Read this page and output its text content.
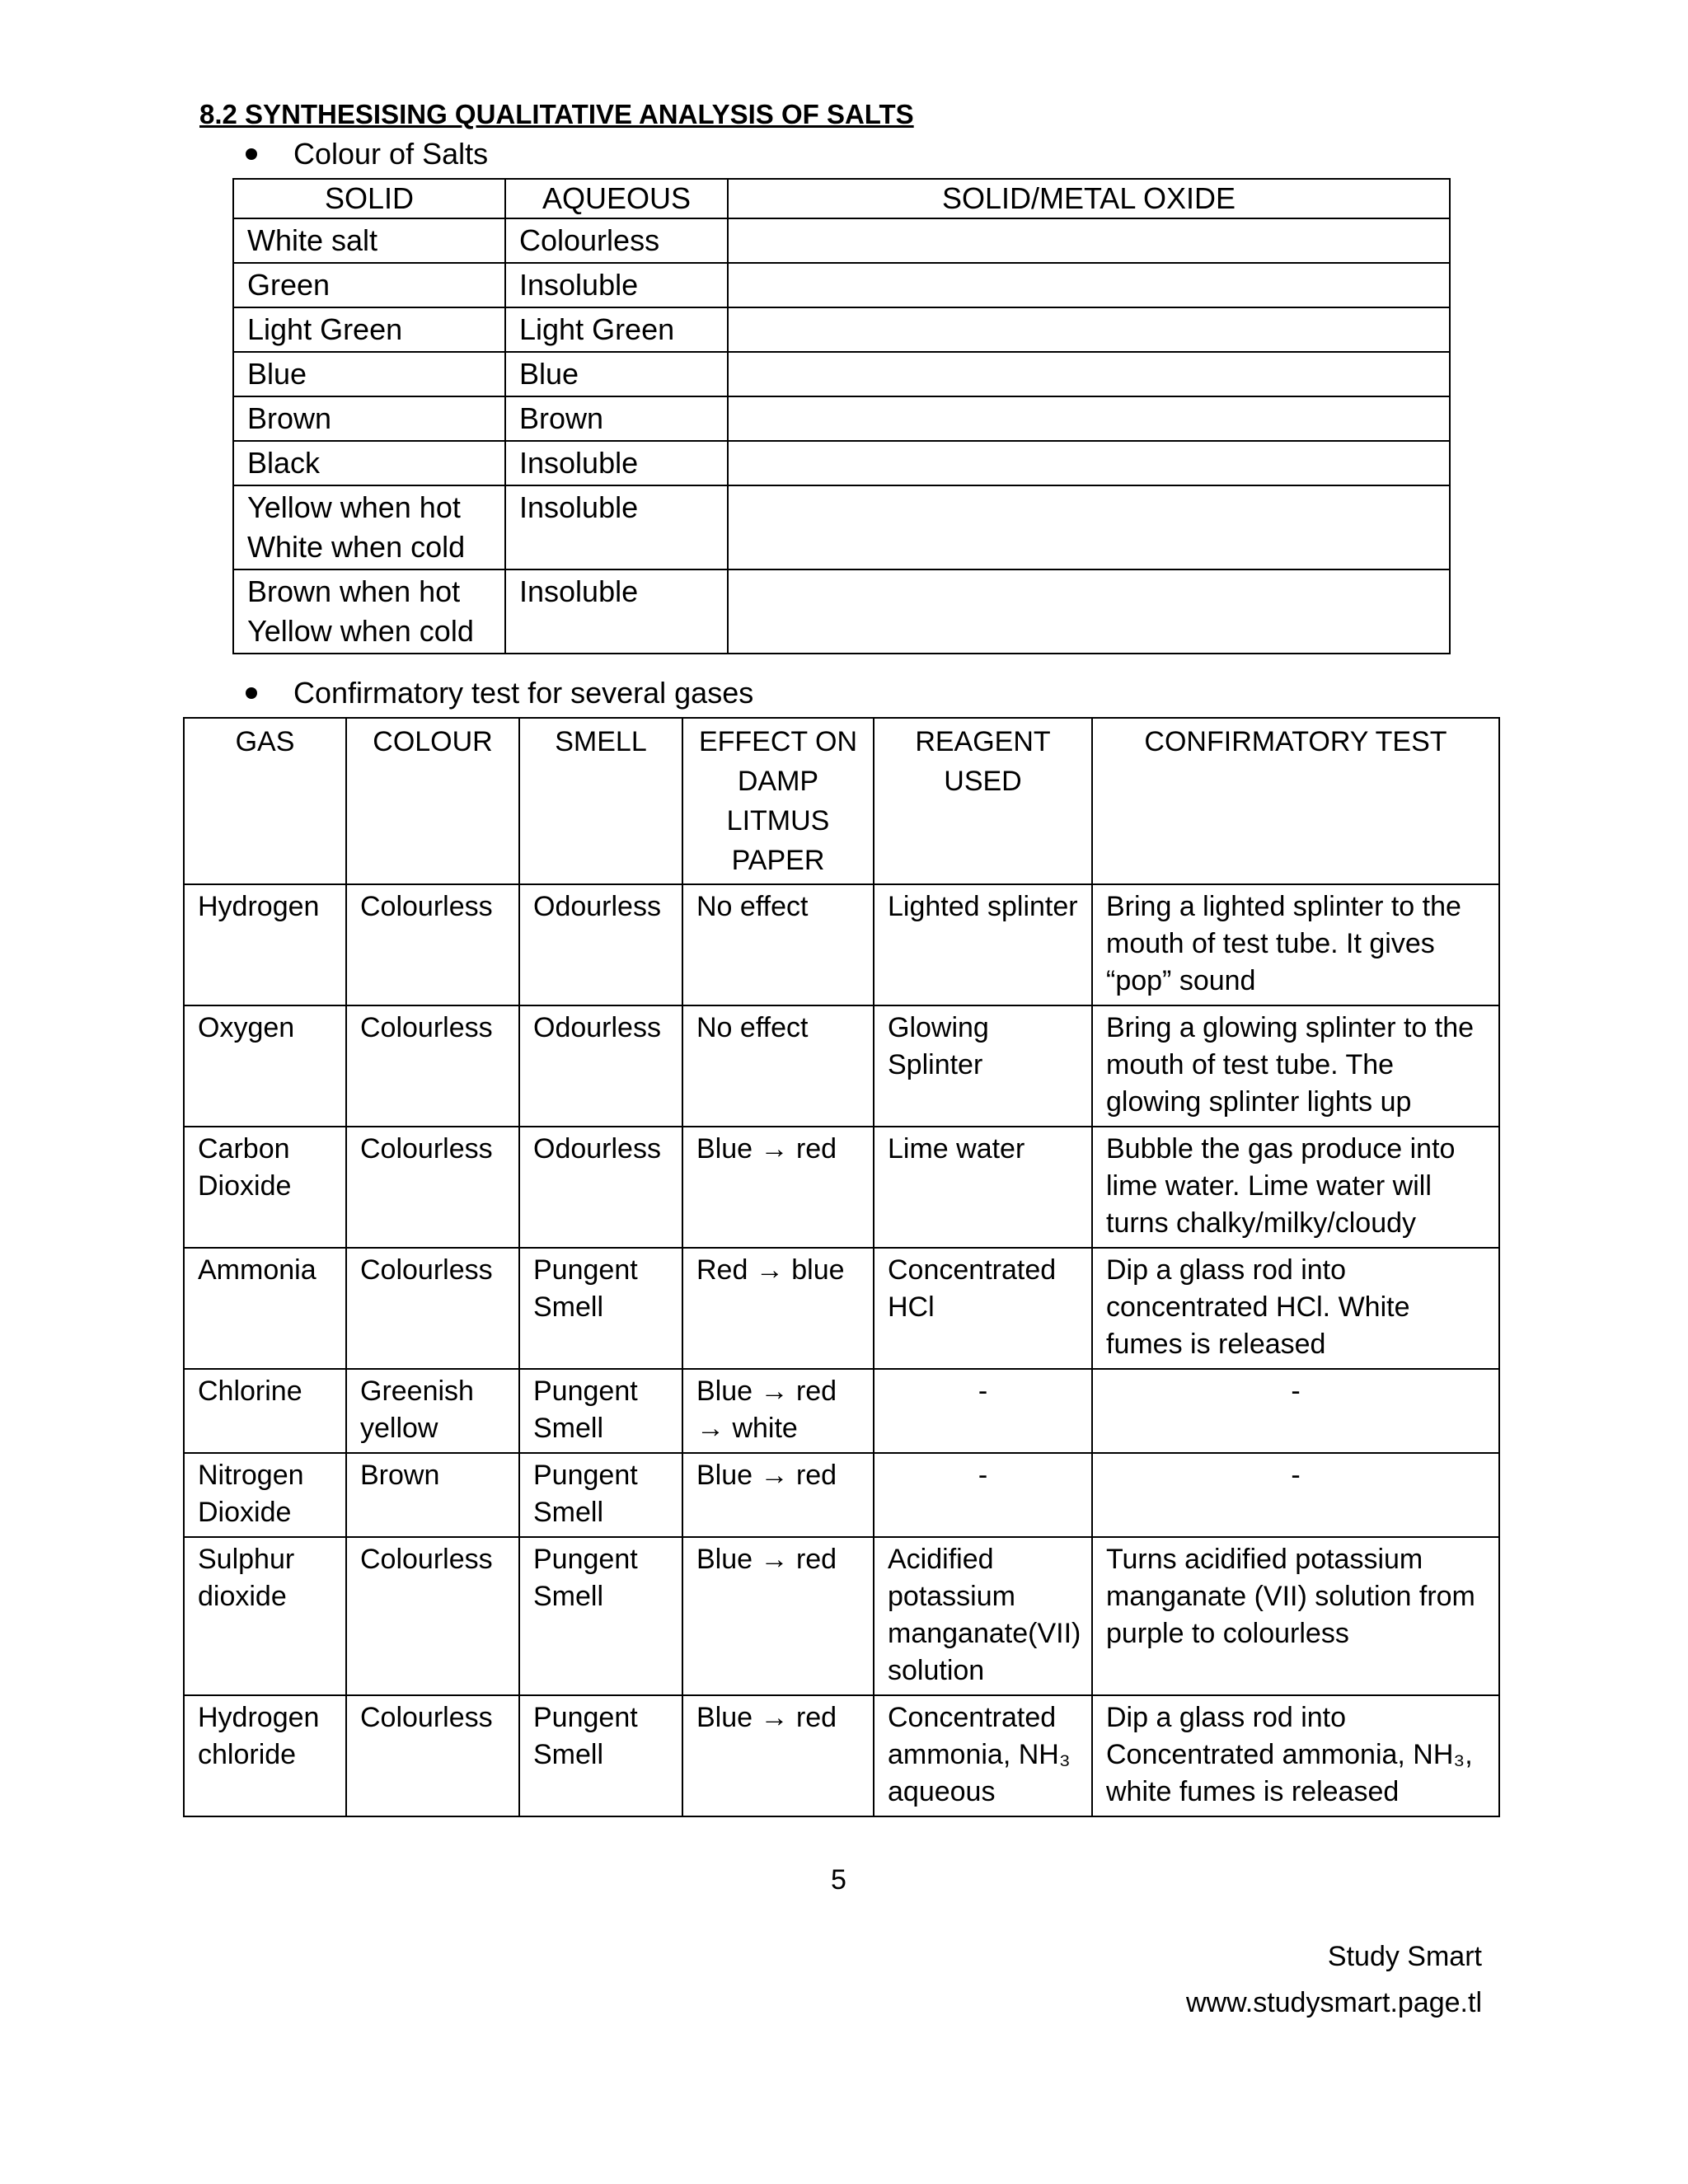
8.2 SYNTHESISING QUALITATIVE ANALYSIS OF SALTS
Colour of Salts
SOLID	AQUEOUS	SOLID/METAL OXIDE

White salt	Colourless	

Green	Insoluble	

Light Green	Light Green	

Blue	Blue	

Brown	Brown	

Black	Insoluble	

Yellow when hot
White when cold	Insoluble	

Brown when hot
Yellow when cold	Insoluble	
Confirmatory test for several gases
GAS	COLOUR	SMELL	EFFECT ON DAMP LITMUS PAPER	REAGENT USED	CONFIRMATORY TEST
Hydrogen	Colourless	Odourless	No effect	Lighted splinter	Bring a lighted splinter to the mouth of test tube. It gives “pop” sound
Oxygen	Colourless	Odourless	No effect	Glowing Splinter	Bring a glowing splinter to the mouth of test tube. The glowing splinter lights up
Carbon Dioxide	Colourless	Odourless	Blue → red	Lime water	Bubble the gas produce into lime water. Lime water will turns chalky/milky/cloudy
Ammonia	Colourless	Pungent Smell	Red → blue	Concentrated HCl	Dip a glass rod into concentrated HCl. White fumes is released
Chlorine	Greenish yellow	Pungent Smell	Blue → red → white	-	-
Nitrogen Dioxide	Brown	Pungent Smell	Blue → red	-	-
Sulphur dioxide	Colourless	Pungent Smell	Blue → red	Acidified potassium manganate(VII) solution	Turns acidified potassium manganate (VII) solution from purple to colourless
Hydrogen chloride	Colourless	Pungent Smell	Blue → red	Concentrated ammonia, NH₃ aqueous	Dip a glass rod into Concentrated ammonia, NH₃, white fumes is released
5
Study Smart
www.studysmart.page.tl
